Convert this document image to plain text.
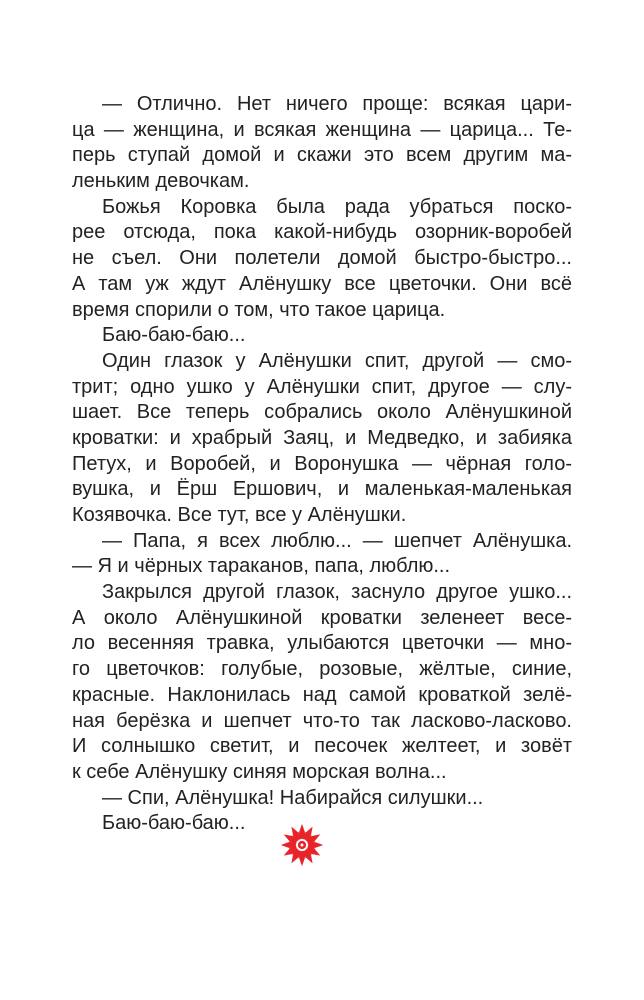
— Отлично. Нет ничего проще: всякая цари-
ца — женщина, и всякая женщина — царица... Те-
перь ступай домой и скажи это всем другим ма-
леньким девочкам.
Божья Коровка была рада убраться поско-
рее отсюда, пока какой-нибудь озорник-воробей
не съел. Они полетели домой быстро-быстро...
А там уж ждут Алёнушку все цветочки. Они всё
время спорили о том, что такое царица.
Баю-баю-баю...
Один глазок у Алёнушки спит, другой — смо-
трит; одно ушко у Алёнушки спит, другое — слу-
шает. Все теперь собрались около Алёнушкиной
кроватки: и храбрый Заяц, и Медведко, и забияка
Петух, и Воробей, и Воронушка — чёрная голо-
вушка, и Ёрш Ершович, и маленькая-маленькая
Козявочка. Все тут, все у Алёнушки.
— Папа, я всех люблю... — шепчет Алёнушка.
— Я и чёрных тараканов, папа, люблю...
Закрылся другой глазок, заснуло другое ушко...
А около Алёнушкиной кроватки зеленеет весе-
ло весенняя травка, улыбаются цветочки — мно-
го цветочков: голубые, розовые, жёлтые, синие,
красные. Наклонилась над самой кроваткой зелё-
ная берёзка и шепчет что-то так ласково-ласково.
И солнышко светит, и песочек желтеет, и зовёт
к себе Алёнушку синяя морская волна...
— Спи, Алёнушка! Набирайся силушки...
Баю-баю-баю...
